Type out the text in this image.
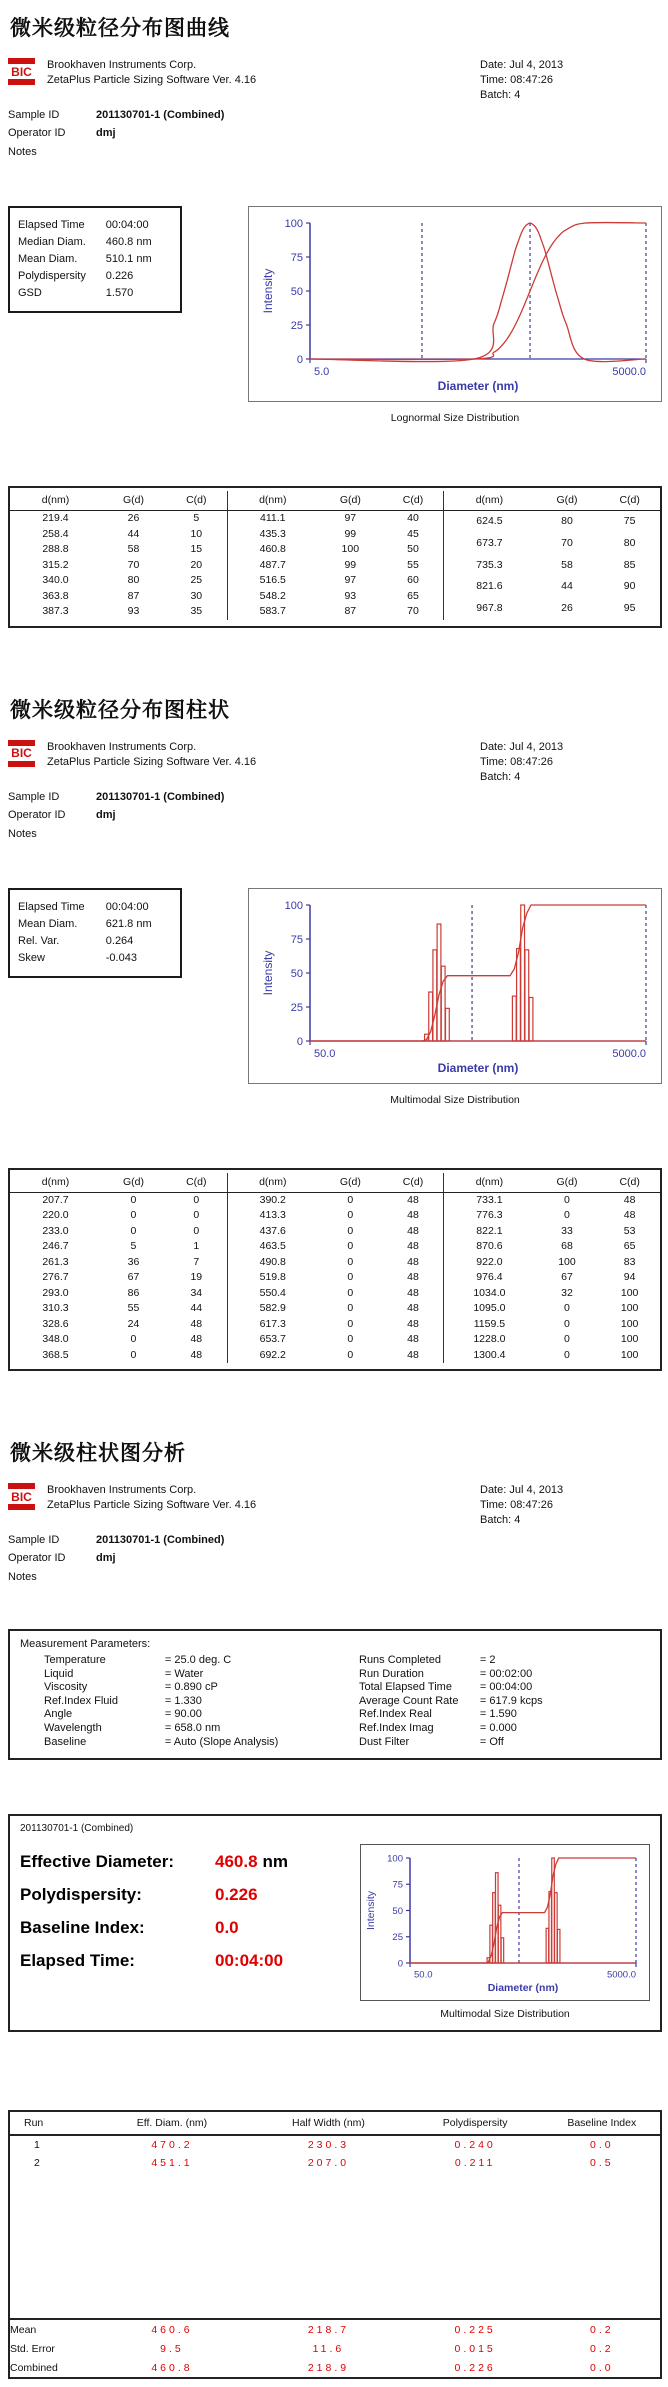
微米级粒径分布图曲线
BIC Brookhaven Instruments Corp.
ZetaPlus Particle Sizing Software Ver. 4.16
Date: Jul 4, 2013
Time: 08:47:26
Batch: 4
Sample ID	201130701-1 (Combined)
Operator ID	dmj
Notes
Elapsed Time	00:04:00
Median Diam.	460.8 nm
Mean Diam.	510.1 nm
Polydispersity	0.226
GSD	1.570
0
25
50
75
100
Intensity
5.0	5000.0
Diameter (nm)
Lognormal Size Distribution
d(nm)	G(d)	C(d)
219.4	26	5
258.4	44	10
288.8	58	15
315.2	70	20
340.0	80	25
363.8	87	30
387.3	93	35
d(nm)	G(d)	C(d)
411.1	97	40
435.3	99	45
460.8	100	50
487.7	99	55
516.5	97	60
548.2	93	65
583.7	87	70
d(nm)	G(d)	C(d)
624.5	80	75
673.7	70	80
735.3	58	85
821.6	44	90
967.8	26	95
微米级粒径分布图柱状
BIC Brookhaven Instruments Corp.
ZetaPlus Particle Sizing Software Ver. 4.16
Date: Jul 4, 2013
Time: 08:47:26
Batch: 4
Sample ID	201130701-1 (Combined)
Operator ID	dmj
Notes
Elapsed Time	00:04:00
Mean Diam.	621.8 nm
Rel. Var.	0.264
Skew	-0.043
0
25
50
75
100
Intensity
50.0	5000.0
Diameter (nm)
Multimodal Size Distribution
d(nm)	G(d)	C(d)
207.7	0	0
220.0	0	0
233.0	0	0
246.7	5	1
261.3	36	7
276.7	67	19
293.0	86	34
310.3	55	44
328.6	24	48
348.0	0	48
368.5	0	48
d(nm)	G(d)	C(d)
390.2	0	48
413.3	0	48
437.6	0	48
463.5	0	48
490.8	0	48
519.8	0	48
550.4	0	48
582.9	0	48
617.3	0	48
653.7	0	48
692.2	0	48
d(nm)	G(d)	C(d)
733.1	0	48
776.3	0	48
822.1	33	53
870.6	68	65
922.0	100	83
976.4	67	94
1034.0	32	100
1095.0	0	100
1159.5	0	100
1228.0	0	100
1300.4	0	100
微米级柱状图分析
BIC Brookhaven Instruments Corp.
ZetaPlus Particle Sizing Software Ver. 4.16
Date: Jul 4, 2013
Time: 08:47:26
Batch: 4
Sample ID	201130701-1 (Combined)
Operator ID	dmj
Notes
Measurement Parameters:
Temperature	= 25.0 deg. C
Liquid	= Water
Viscosity	= 0.890 cP
Ref.Index Fluid	= 1.330
Angle	= 90.00
Wavelength	= 658.0 nm
Baseline	= Auto (Slope Analysis)
Runs Completed	= 2
Run Duration	= 00:02:00
Total Elapsed Time	= 00:04:00
Average Count Rate	= 617.9 kcps
Ref.Index Real	= 1.590
Ref.Index Imag	= 0.000
Dust Filter	= Off
201130701-1 (Combined)
Effective Diameter:	460.8 nm
Polydispersity:	0.226
Baseline Index:	0.0
Elapsed Time:	00:04:00	0
25
50
75
100
Intensity
50.0	5000.0
Diameter (nm)
Multimodal Size Distribution
Run	Eff. Diam. (nm)	Half Width (nm)	Polydispersity	Baseline Index
1	470.2	230.3	0.240	0.0
2	451.1	207.0	0.211	0.5

Mean	460.6	218.7	0.225	0.2
Std. Error	9.5	11.6	0.015	0.2
Combined	460.8	218.9	0.226	0.0
